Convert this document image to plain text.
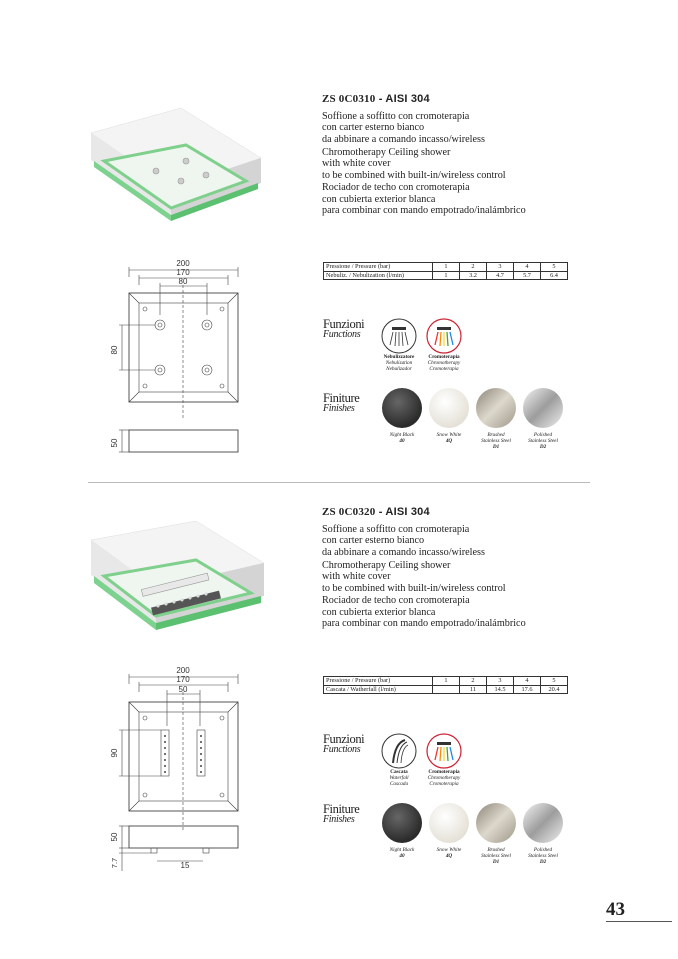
ZS 0C0310 - AISI 304

Soffione a soffitto con cromoterapia
con carter esterno bianco
da abbinare a comando incasso/wireless

Chromotherapy Ceiling shower
with white cover
to be combined with built-in/wireless control

Rociador de techo con cromoterapia
con cubierta exterior blanca
para combinar con mando empotrado/inalámbrico

200
170
80
80
50
Pressione / Pressure (bar)	1	2	3	4	5
Nebuliz. / Nebulization (l/min)	1	3.2	4.7	5.7	6.4
Funzioni
Functions
Nebulizzatore
Nebulization
Nebulizador
Cromoterapia
Chromotherapy
Cromoterapia
Finiture
Finishes
Night Black
40
Snow White
4Q
Brushed
Stainless Steel
D1
Polished
Stainless Steel
D2
ZS 0C0320 - AISI 304

Soffione a soffitto con cromoterapia
con carter esterno bianco
da abbinare a comando incasso/wireless

Chromotherapy Ceiling shower
with white cover
to be combined with built-in/wireless control

Rociador de techo con cromoterapia
con cubierta exterior blanca
para combinar con mando empotrado/inalámbrico

200
170
50
90
50
7.7	15
Pressione / Pressure (bar)	1	2	3	4	5
Cascata / Watherfall (l/min)		11	14.5	17.6	20.4
Funzioni
Functions
Cascata
Waterfall
Cascada
Cromoterapia
Chromotherapy
Cromoterapia
Finiture
Finishes
Night Black
40
Snow White
4Q
Brushed
Stainless Steel
D1
Polished
Stainless Steel
D2
43
